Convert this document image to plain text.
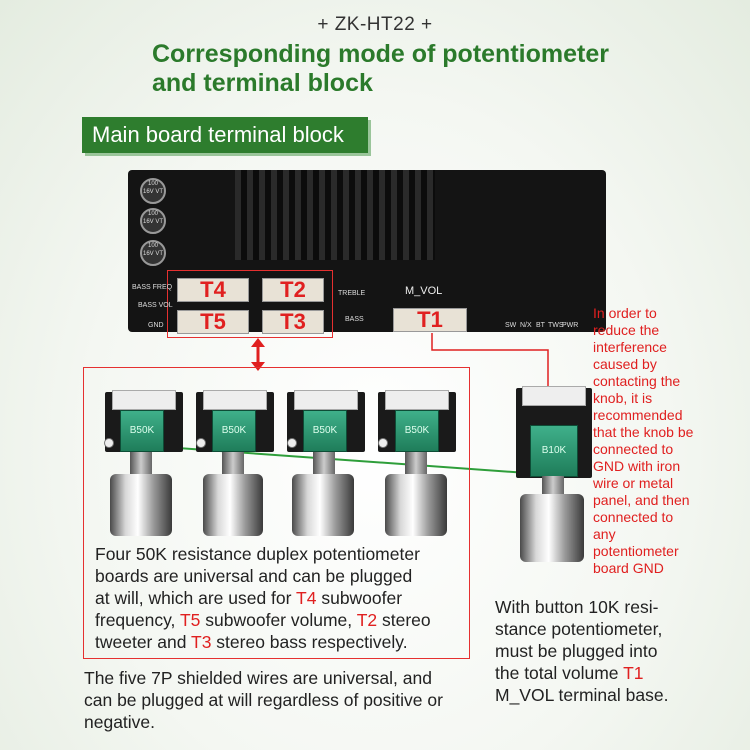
+ ZK-HT22 +
Corresponding mode of potentiometer and terminal block
Main board terminal block
100 16V VT
100 16V VT
100 16V VT
T4	T2
T5	T3
BASS FREQ
TREBLE
BASS VOL
BASS
GND	SW N/X BT TWS
PWR
M_VOL
T1
B50K	B50K	B50K	B50K
B10K
In order to reduce the interference caused by contacting the knob, it is recommended that the knob be connected to GND with iron wire or metal panel, and then connected to any potentiometer board GND
Four 50K resistance duplex potentiometer
boards are universal and can be plugged
at will, which are used for T4 subwoofer
frequency, T5 subwoofer volume, T2 stereo
tweeter and T3 stereo bass respectively.
The five 7P shielded wires are universal, and can be plugged at will regardless of positive or negative.
With button 10K resi-
stance potentiometer,
must be plugged into
the total volume T1
M_VOL terminal base.
